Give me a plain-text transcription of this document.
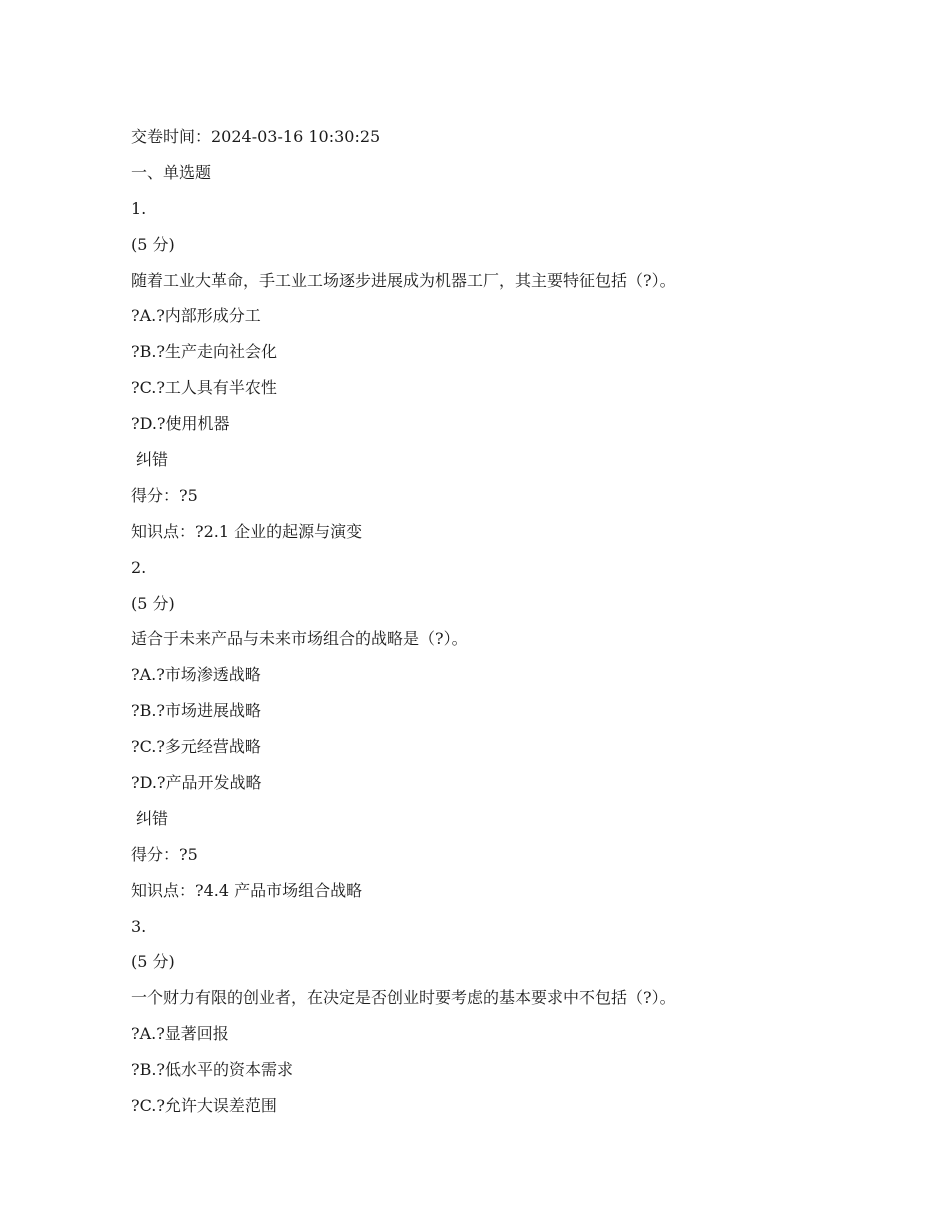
交卷时间：2024-03-16 10:30:25
一、单选题
1.
(5 分)
随着工业大革命，手工业工场逐步进展成为机器工厂，其主要特征包括（?）。
?A.?内部形成分工
?B.?生产走向社会化
?C.?工人具有半农性
?D.?使用机器
纠错
得分：?5
知识点：?2.1 企业的起源与演变
2.
(5 分)
适合于未来产品与未来市场组合的战略是（?）。
?A.?市场渗透战略
?B.?市场进展战略
?C.?多元经营战略
?D.?产品开发战略
纠错
得分：?5
知识点：?4.4 产品市场组合战略
3.
(5 分)
一个财力有限的创业者，在决定是否创业时要考虑的基本要求中不包括（?）。
?A.?显著回报
?B.?低水平的资本需求
?C.?允许大误差范围
